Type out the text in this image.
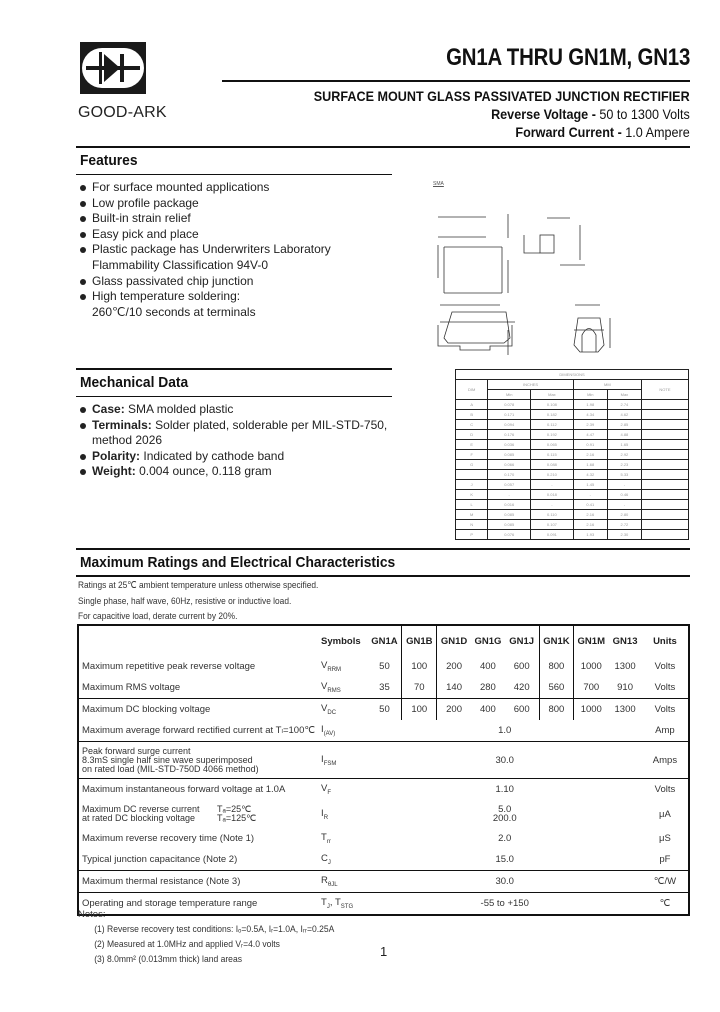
GOOD-ARK
GN1A THRU GN1M, GN13
SURFACE MOUNT GLASS PASSIVATED JUNCTION RECTIFIER
Reverse Voltage - 50 to 1300 Volts
Forward Current - 1.0 Ampere
Features
For surface mounted applications
Low profile package
Built-in strain relief
Easy pick and place
Plastic package has Underwriters Laboratory
Flammability Classification 94V-0
Glass passivated chip junction
High temperature soldering:
260℃/10 seconds at terminals
SMA
Mechanical Data
Case: SMA molded plastic
Terminals: Solder plated, solderable per MIL-STD-750,
method 2026
Polarity: Indicated by cathode band
Weight: 0.004 ounce, 0.118 gram
DIMENSIONS					
DIM	INCHES		MM		NOTE
	Min	Max	Min	Max	
A	0.078	0.108	1.98	2.74	
B	0.171	0.182	4.34	4.62	
C	0.094	0.112	2.39	2.85	
D	0.176	0.192	4.47	4.88	
E	0.036	0.065	0.91	1.65	
F	0.085	0.115	2.16	2.92	
G	0.066	0.088	1.68	2.23	
	0.170	0.210	4.32	5.33	
J	0.057	-	1.45	-	
K	-	0.018	-	0.46	
L	0.016	-	0.41	-	
M	0.085	0.110	2.16	2.80	
N	0.085	0.107	2.16	2.72	
P	0.076	0.091	1.93	2.30	
Maximum Ratings and Electrical Characteristics
Ratings at 25℃ ambient temperature unless otherwise specified.
Single phase, half wave, 60Hz, resistive or inductive load.
For capacitive load, derate current by 20%.
	Symbols	GN1A	GN1B	GN1D	GN1G	GN1J	GN1K	GN1M	GN13	Units
Maximum repetitive peak reverse voltage	$V_{RRM}$	50	100	200	400	600	800	1000	1300	Volts
Maximum RMS voltage	$V_{RMS}$	35	70	140	280	420	560	700	910	Volts
Maximum DC blocking voltage	$V_{DC}$	50	100	200	400	600	800	1000	1300	Volts
Maximum average forward rectified current at Tₗ=100℃	$I_{(AV)}$	1.0								Amp

Peak forward surge current
8.3mS single half sine wave superimposed
on rated load (MIL-STD-750D 4066 method)	$I_{FSM}$	30.0								Amps
Maximum instantaneous forward voltage at 1.0A	$V_F$	1.10								Volts

Maximum DC reverse current
at rated DC blocking voltage
Tₐ=25℃
Tₐ=125℃	$I_R$	5.0
200.0								μA
Maximum reverse recovery time (Note 1)	$T_{rr}$	2.0								μS
Typical junction capacitance (Note 2)	$C_J$	15.0								pF
Maximum thermal resistance (Note 3)	$R_{\theta JL}$	30.0								℃/W
Operating and storage temperature range	$T_J$, $T_{STG}$	-55 to +150								℃
Notes:
(1) Reverse recovery test conditions: Iₒ=0.5A, Iᵣ=1.0A, Iᵣᵣ=0.25A
(2) Measured at 1.0MHz and applied Vᵣ=4.0 volts
(3) 8.0mm² (0.013mm thick) land areas
1
